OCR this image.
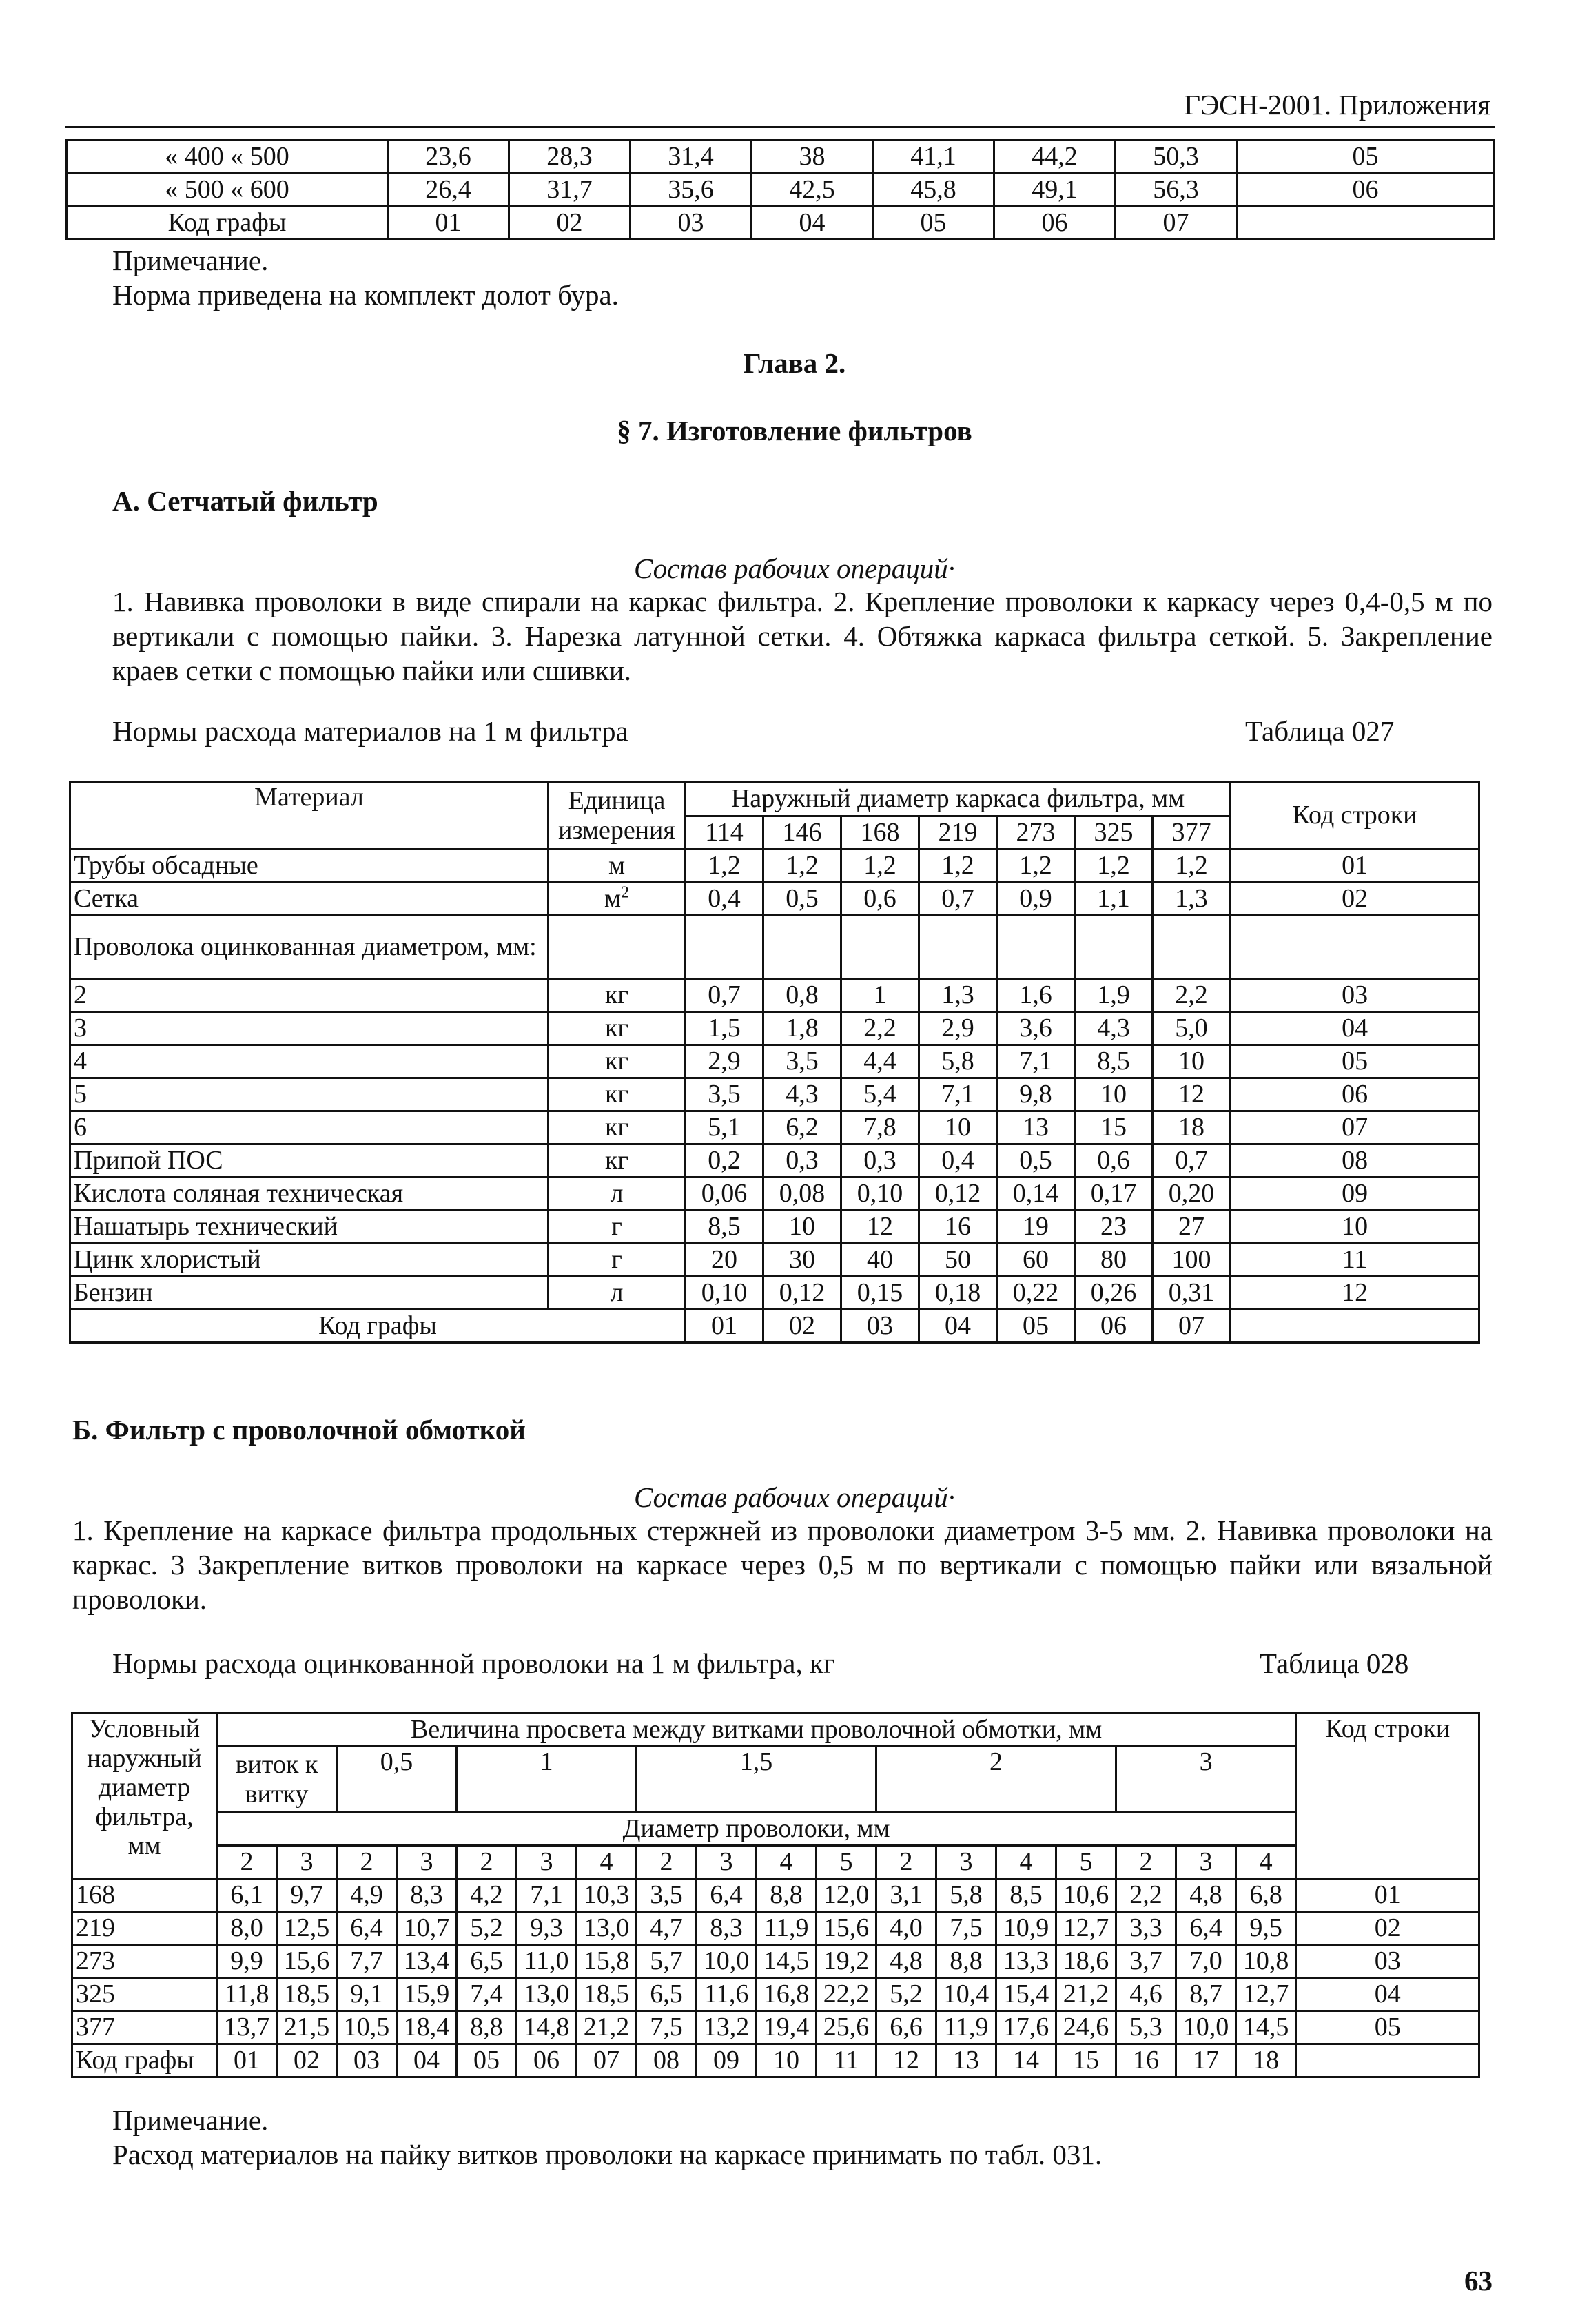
ГЭСН-2001. Приложения
« 400 « 500	23,6	28,3	31,4	38	41,1	44,2	50,3	05
« 500 « 600	26,4	31,7	35,6	42,5	45,8	49,1	56,3	06
Код графы	01	02	03	04	05	06	07	
Примечание.
Норма приведена на комплект долот бура.
Глава 2.
§ 7. Изготовление фильтров
А. Сетчатый фильтр
Состав рабочих операций·
1. Навивка проволоки в виде спирали на каркас фильтра. 2. Крепление проволоки к каркасу через 0,4-0,5 м по вертикали с помощью пайки. 3. Нарезка латунной сетки. 4. Обтяжка каркаса фильтра сеткой. 5. Закрепление краев сетки с помощью пайки или сшивки.
Нормы расхода материалов на 1 м фильтра	Таблица 027
Материал	Единица измерения	Наружный диаметр каркаса фильтра, мм							Код строки
		114	146	168	219	273	325	377	
Трубы обсадные	м	1,2	1,2	1,2	1,2	1,2	1,2	1,2	01
Сетка	$м^2$	0,4	0,5	0,6	0,7	0,9	1,1	1,3	02
Проволока оцинкованная диаметром, мм:									
2	кг	0,7	0,8	1	1,3	1,6	1,9	2,2	03
3	кг	1,5	1,8	2,2	2,9	3,6	4,3	5,0	04
4	кг	2,9	3,5	4,4	5,8	7,1	8,5	10	05
5	кг	3,5	4,3	5,4	7,1	9,8	10	12	06
6	кг	5,1	6,2	7,8	10	13	15	18	07
Припой ПОС	кг	0,2	0,3	0,3	0,4	0,5	0,6	0,7	08
Кислота соляная техническая	л	0,06	0,08	0,10	0,12	0,14	0,17	0,20	09
Нашатырь технический	г	8,5	10	12	16	19	23	27	10
Цинк хлористый	г	20	30	40	50	60	80	100	11
Бензин	л	0,10	0,12	0,15	0,18	0,22	0,26	0,31	12
Код графы		01	02	03	04	05	06	07	
Б. Фильтр с проволочной обмоткой
Состав рабочих операций·
1. Крепление на каркасе фильтра продольных стержней из проволоки диаметром 3-5 мм. 2. Навивка проволоки на каркас. 3 Закрепление витков проволоки на каркасе через 0,5 м по вертикали с помощью пайки или вязальной проволоки.
Нормы расхода оцинкованной проволоки на 1 м фильтра, кг	Таблица 028
Условный наружный диаметр фильтра, мм	Величина просвета между витками проволочной обмотки, мм																		Код строки
	виток к витку		0,5		1			1,5				2				3			
	Диаметр проволоки, мм																		
	2	3	2	3	2	3	4	2	3	4	5	2	3	4	5	2	3	4	
168	6,1	9,7	4,9	8,3	4,2	7,1	10,3	3,5	6,4	8,8	12,0	3,1	5,8	8,5	10,6	2,2	4,8	6,8	01
219	8,0	12,5	6,4	10,7	5,2	9,3	13,0	4,7	8,3	11,9	15,6	4,0	7,5	10,9	12,7	3,3	6,4	9,5	02
273	9,9	15,6	7,7	13,4	6,5	11,0	15,8	5,7	10,0	14,5	19,2	4,8	8,8	13,3	18,6	3,7	7,0	10,8	03
325	11,8	18,5	9,1	15,9	7,4	13,0	18,5	6,5	11,6	16,8	22,2	5,2	10,4	15,4	21,2	4,6	8,7	12,7	04
377	13,7	21,5	10,5	18,4	8,8	14,8	21,2	7,5	13,2	19,4	25,6	6,6	11,9	17,6	24,6	5,3	10,0	14,5	05
Код графы	01	02	03	04	05	06	07	08	09	10	11	12	13	14	15	16	17	18	
Примечание.
Расход материалов на пайку витков проволоки на каркасе принимать по табл. 031.
63
